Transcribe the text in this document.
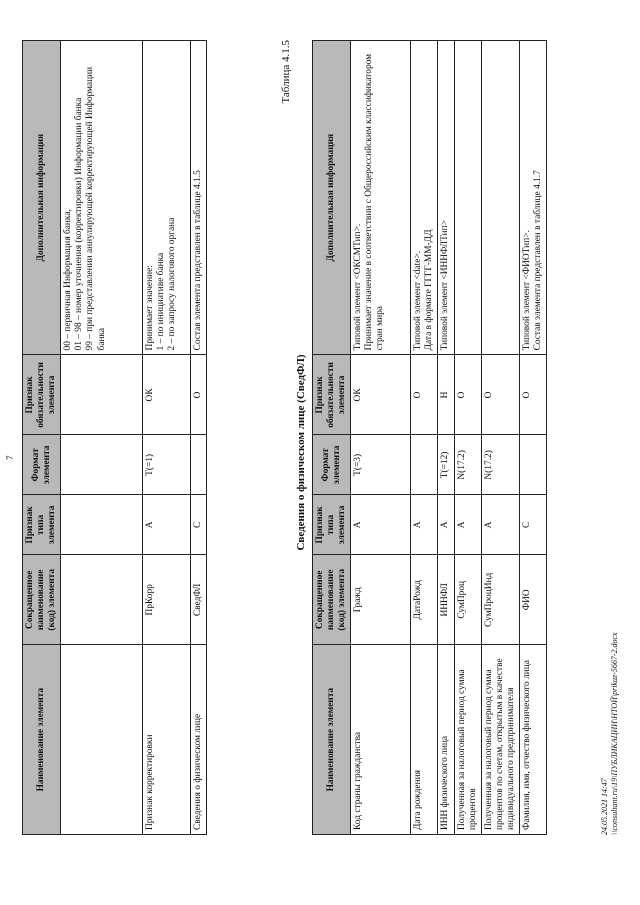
7
Наименование элемента	Сокращенное наименование (код) элемента	Признак типа элемента	Формат элемента	Признак обязательности элемента	Дополнительная информация
					00 – первичная Информация банка,
01 – 98 – номер уточнения (корректировки) Информации банка
99 – при представлении аннулирующей корректирующей Информации банка
Признак корректировки	ПрКорр	А	Т(=1)	ОК	Принимает значение:
1 – по инициативе банка
2 – по запросу налогового органа
Сведения о физическом лице	СведФЛ	С		О	Состав элемента представлен в таблице 4.1.5
Таблица 4.1.5
Сведения о физическом лице (СведФЛ)
Наименование элемента	Сокращенное наименование (код) элемента	Признак типа элемента	Формат элемента	Признак обязательности элемента	Дополнительная информация
Код страны гражданства	Гражд	А	Т(=3)	ОК	Типовой элемент <ОКСМТип>.
Принимает значение в соответствии с Общероссийским классификатором стран мира
Дата рождения	ДатаРожд	А		О	Типовой элемент <date>.
Дата в формате ГГГГ-ММ-ДД
ИНН физического лица	ИННФЛ	А	Т(=12)	Н	Типовой элемент <ИННФЛТип>
Полученная за налоговый период сумма процентов	СумПроц	А	N(17.2)	О	
Полученная за налоговый период сумма процентов по счетам, открытым в качестве индивидуального предпринимателя	СумПроцИнд	А	N(17.2)	О	
Фамилия, имя, отчество физического лица	ФИО	С		О	Типовой элемент <ФИОТип>.
Состав элемента представлен в таблице 4.1.7
24.05.2021 14:47
\\consultant.ru\19\ПУБЛИКАЦИИ\НТОЙ\prikaz-5667-2.docx
